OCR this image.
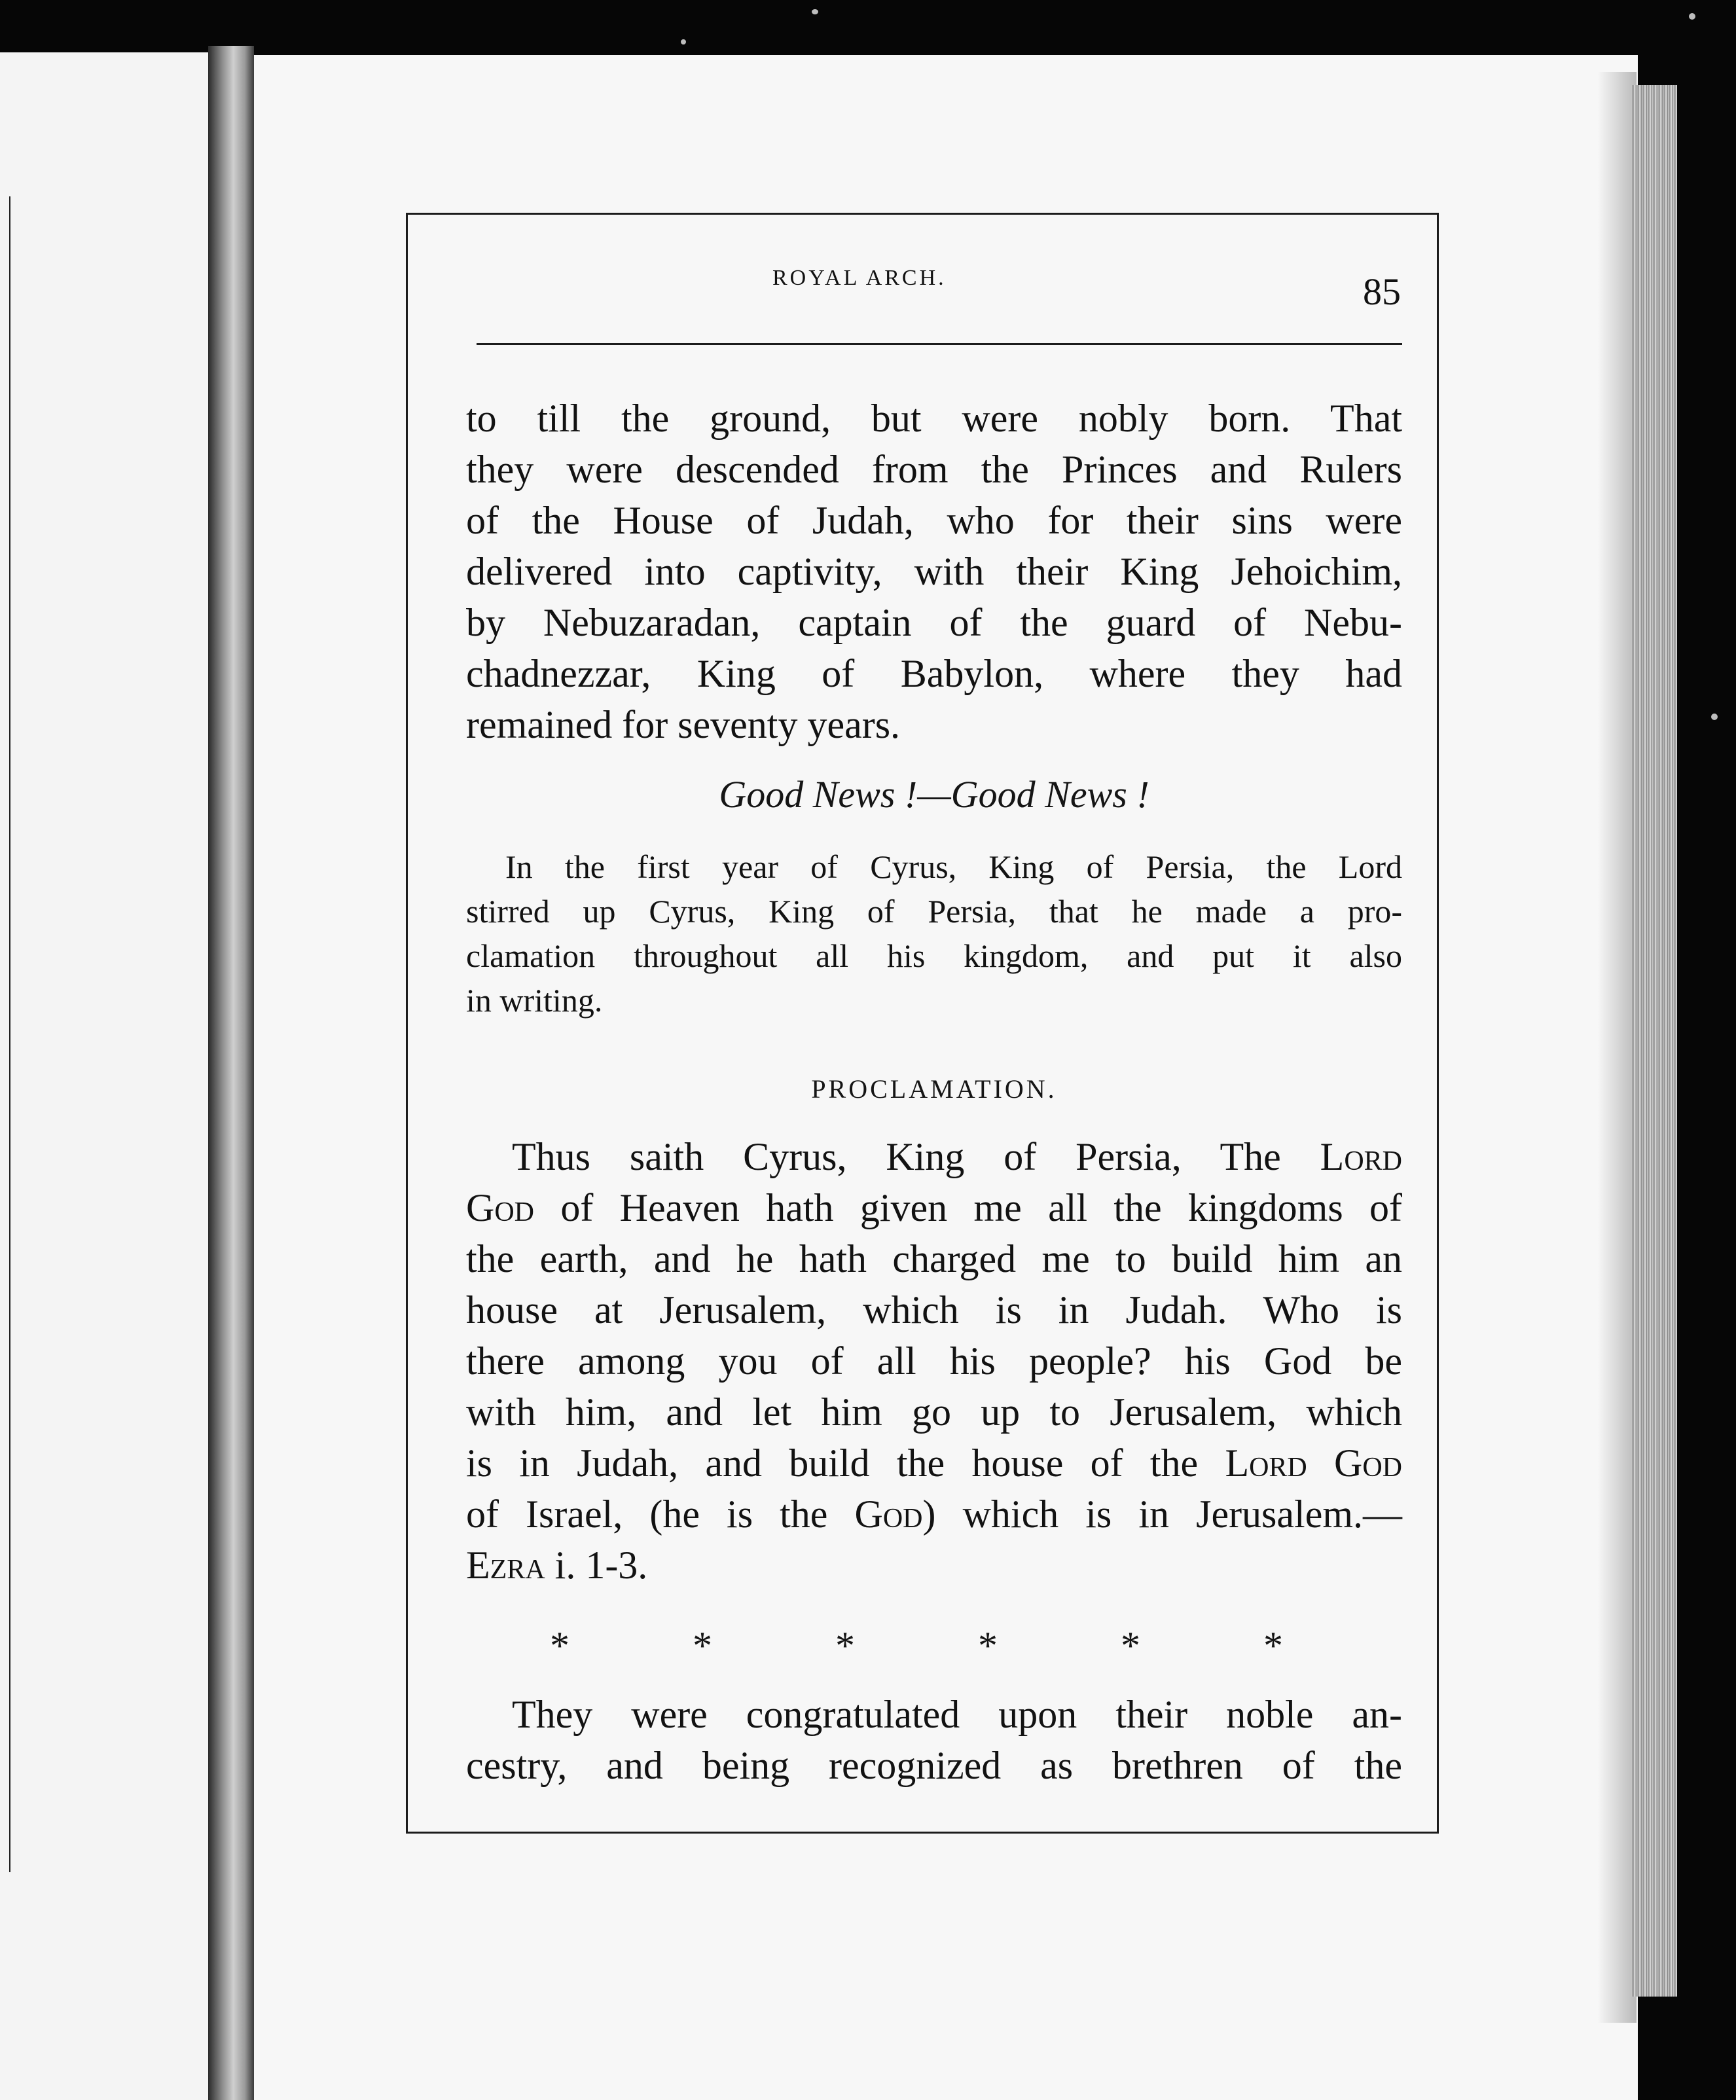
ROYAL ARCH.	85
to till the ground, but were nobly born. That
they were descended from the Princes and Rulers
of the House of Judah, who for their sins were
delivered into captivity, with their King Jehoichim,
by Nebuzaradan, captain of the guard of Nebu-
chadnezzar, King of Babylon, where they had
remained for seventy years.
Good News !—Good News !
In the first year of Cyrus, King of Persia, the Lord
stirred up Cyrus, King of Persia, that he made a pro-
clamation throughout all his kingdom, and put it also
in writing.
PROCLAMATION.
Thus saith Cyrus, King of Persia, The Lord
God of Heaven hath given me all the kingdoms of
the earth, and he hath charged me to build him an
house at Jerusalem, which is in Judah. Who is
there among you of all his people? his God be
with him, and let him go up to Jerusalem, which
is in Judah, and build the house of the Lord God
of Israel, (he is the God) which is in Jerusalem.—
Ezra i. 1-3.
*	*	*	*	*	*
They were congratulated upon their noble an-
cestry, and being recognized as brethren of the
